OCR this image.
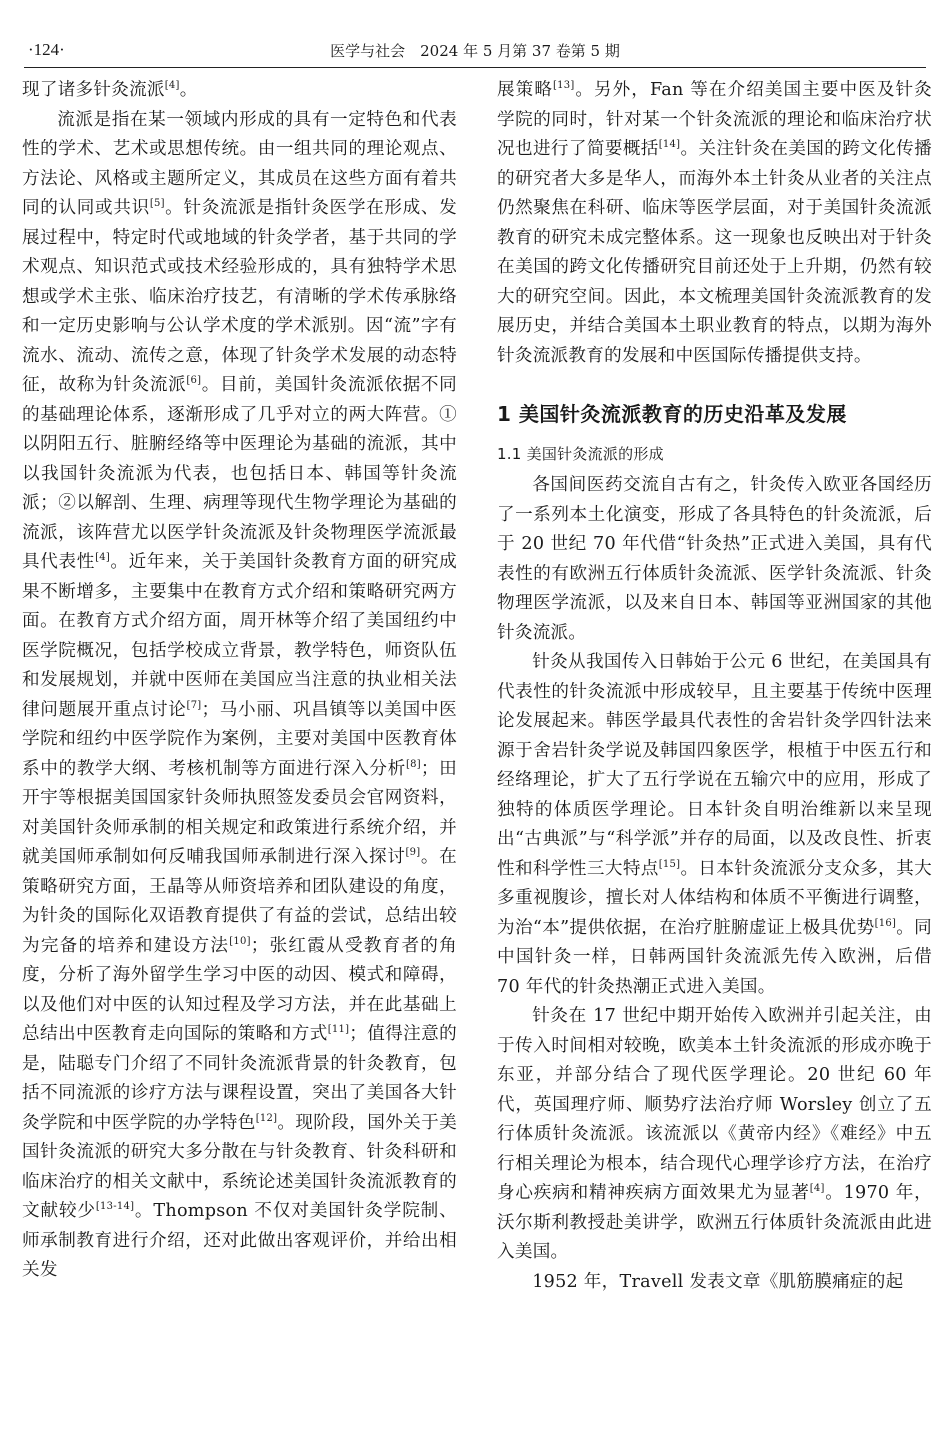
·124·	医学与社会　2024 年 5 月第 37 卷第 5 期

现了诸多针灸流派[4]。

流派是指在某一领域内形成的具有一定特色和代表性的学术、艺术或思想传统。由一组共同的理论观点、方法论、风格或主题所定义，其成员在这些方面有着共同的认同或共识[5]。针灸流派是指针灸医学在形成、发展过程中，特定时代或地域的针灸学者，基于共同的学术观点、知识范式或技术经验形成的，具有独特学术思想或学术主张、临床治疗技艺，有清晰的学术传承脉络和一定历史影响与公认学术度的学术派别。因“流”字有流水、流动、流传之意，体现了针灸学术发展的动态特征，故称为针灸流派[6]。目前，美国针灸流派依据不同的基础理论体系，逐渐形成了几乎对立的两大阵营。①以阴阳五行、脏腑经络等中医理论为基础的流派，其中以我国针灸流派为代表，也包括日本、韩国等针灸流派；②以解剖、生理、病理等现代生物学理论为基础的流派，该阵营尤以医学针灸流派及针灸物理医学流派最具代表性[4]。近年来，关于美国针灸教育方面的研究成果不断增多，主要集中在教育方式介绍和策略研究两方面。在教育方式介绍方面，周开林等介绍了美国纽约中医学院概况，包括学校成立背景，教学特色，师资队伍和发展规划，并就中医师在美国应当注意的执业相关法律问题展开重点讨论[7]；马小丽、巩昌镇等以美国中医学院和纽约中医学院作为案例，主要对美国中医教育体系中的教学大纲、考核机制等方面进行深入分析[8]；田开宇等根据美国国家针灸师执照签发委员会官网资料，对美国针灸师承制的相关规定和政策进行系统介绍，并就美国师承制如何反哺我国师承制进行深入探讨[9]。在策略研究方面，王晶等从师资培养和团队建设的角度，为针灸的国际化双语教育提供了有益的尝试，总结出较为完备的培养和建设方法[10]；张红霞从受教育者的角度，分析了海外留学生学习中医的动因、模式和障碍，以及他们对中医的认知过程及学习方法，并在此基础上总结出中医教育走向国际的策略和方式[11]；值得注意的是，陆聪专门介绍了不同针灸流派背景的针灸教育，包括不同流派的诊疗方法与课程设置，突出了美国各大针灸学院和中医学院的办学特色[12]。现阶段，国外关于美国针灸流派的研究大多分散在与针灸教育、针灸科研和临床治疗的相关文献中，系统论述美国针灸流派教育的文献较少[13-14]。Thompson 不仅对美国针灸学院制、师承制教育进行介绍，还对此做出客观评价，并给出相关发

展策略[13]。另外，Fan 等在介绍美国主要中医及针灸学院的同时，针对某一个针灸流派的理论和临床治疗状况也进行了简要概括[14]。关注针灸在美国的跨文化传播的研究者大多是华人，而海外本土针灸从业者的关注点仍然聚焦在科研、临床等医学层面，对于美国针灸流派教育的研究未成完整体系。这一现象也反映出对于针灸在美国的跨文化传播研究目前还处于上升期，仍然有较大的研究空间。因此，本文梳理美国针灸流派教育的发展历史，并结合美国本土职业教育的特点，以期为海外针灸流派教育的发展和中医国际传播提供支持。

1 美国针灸流派教育的历史沿革及发展
1.1 美国针灸流派的形成

各国间医药交流自古有之，针灸传入欧亚各国经历了一系列本土化演变，形成了各具特色的针灸流派，后于 20 世纪 70 年代借“针灸热”正式进入美国，具有代表性的有欧洲五行体质针灸流派、医学针灸流派、针灸物理医学流派，以及来自日本、韩国等亚洲国家的其他针灸流派。

针灸从我国传入日韩始于公元 6 世纪，在美国具有代表性的针灸流派中形成较早，且主要基于传统中医理论发展起来。韩医学最具代表性的舍岩针灸学四针法来源于舍岩针灸学说及韩国四象医学，根植于中医五行和经络理论，扩大了五行学说在五输穴中的应用，形成了独特的体质医学理论。日本针灸自明治维新以来呈现出“古典派”与“科学派”并存的局面，以及改良性、折衷性和科学性三大特点[15]。日本针灸流派分支众多，其大多重视腹诊，擅长对人体结构和体质不平衡进行调整，为治“本”提供依据，在治疗脏腑虚证上极具优势[16]。同中国针灸一样，日韩两国针灸流派先传入欧洲，后借 70 年代的针灸热潮正式进入美国。

针灸在 17 世纪中期开始传入欧洲并引起关注，由于传入时间相对较晚，欧美本土针灸流派的形成亦晚于东亚，并部分结合了现代医学理论。20 世纪 60 年代，英国理疗师、顺势疗法治疗师 Worsley 创立了五行体质针灸流派。该流派以《黄帝内经》《难经》中五行相关理论为根本，结合现代心理学诊疗方法，在治疗身心疾病和精神疾病方面效果尤为显著[4]。1970 年，沃尔斯利教授赴美讲学，欧洲五行体质针灸流派由此进入美国。

1952 年，Travell 发表文章《肌筋膜痛症的起
